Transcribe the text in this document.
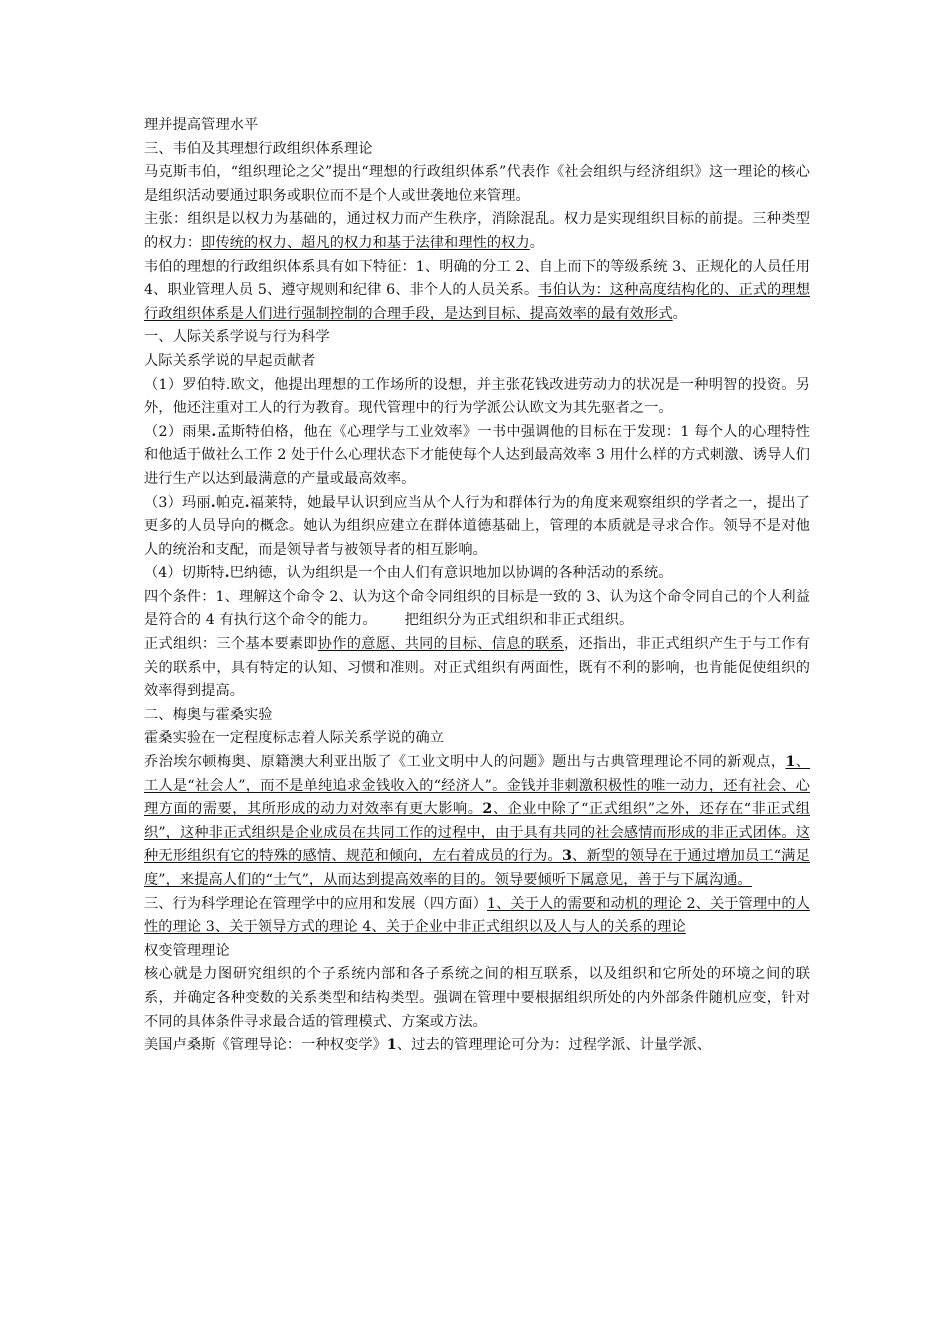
理并提高管理水平

三、韦伯及其理想行政组织体系理论

马克斯韦伯，“组织理论之父”提出“理想的行政组织体系”代表作《社会组织与经济组织》这一理论的核心是组织活动要通过职务或职位而不是个人或世袭地位来管理。

主张：组织是以权力为基础的，通过权力而产生秩序，消除混乱。权力是实现组织目标的前提。三种类型的权力：即传统的权力、超凡的权力和基于法律和理性的权力。

韦伯的理想的行政组织体系具有如下特征：1、明确的分工 2、自上而下的等级系统 3、正规化的人员任用 4、职业管理人员 5、遵守规则和纪律 6、非个人的人员关系。韦伯认为：这种高度结构化的、正式的理想行政组织体系是人们进行强制控制的合理手段，是达到目标、提高效率的最有效形式。

一、人际关系学说与行为科学

人际关系学说的早起贡献者

（1）罗伯特.欧文，他提出理想的工作场所的设想，并主张花钱改进劳动力的状况是一种明智的投资。另外，他还注重对工人的行为教育。现代管理中的行为学派公认欧文为其先驱者之一。

（2）雨果.孟斯特伯格，他在《心理学与工业效率》一书中强调他的目标在于发现：1 每个人的心理特性和他适于做社么工作 2 处于什么心理状态下才能使每个人达到最高效率 3 用什么样的方式刺激、诱导人们进行生产以达到最满意的产量或最高效率。

（3）玛丽.帕克.福莱特，她最早认识到应当从个人行为和群体行为的角度来观察组织的学者之一，提出了更多的人员导向的概念。她认为组织应建立在群体道德基础上，管理的本质就是寻求合作。领导不是对他人的统治和支配，而是领导者与被领导者的相互影响。

（4）切斯特.巴纳德，认为组织是一个由人们有意识地加以协调的各种活动的系统。

四个条件：1、理解这个命令 2、认为这个命令同组织的目标是一致的 3、认为这个命令同自己的个人利益是符合的 4 有执行这个命令的能力。 把组织分为正式组织和非正式组织。

正式组织：三个基本要素即协作的意愿、共同的目标、信息的联系，还指出，非正式组织产生于与工作有关的联系中，具有特定的认知、习惯和准则。对正式组织有两面性，既有不利的影响，也肯能促使组织的效率得到提高。

二、梅奥与霍桑实验

霍桑实验在一定程度标志着人际关系学说的确立

乔治埃尔顿梅奥、原籍澳大利亚出版了《工业文明中人的问题》题出与古典管理理论不同的新观点，1、工人是“社会人”，而不是单纯追求金钱收入的“经济人”。金钱并非刺激积极性的唯一动力，还有社会、心理方面的需要，其所形成的动力对效率有更大影响。2、企业中除了“正式组织”之外，还存在“非正式组织”，这种非正式组织是企业成员在共同工作的过程中，由于具有共同的社会感情而形成的非正式团体。这种无形组织有它的特殊的感情、规范和倾向，左右着成员的行为。3、新型的领导在于通过增加员工“满足度”，来提高人们的“士气”，从而达到提高效率的目的。领导要倾听下属意见，善于与下属沟通。

三、行为科学理论在管理学中的应用和发展（四方面）1、关于人的需要和动机的理论 2、关于管理中的人性的理论 3、关于领导方式的理论 4、关于企业中非正式组织以及人与人的关系的理论

权变管理理论

核心就是力图研究组织的个子系统内部和各子系统之间的相互联系，以及组织和它所处的环境之间的联系，并确定各种变数的关系类型和结构类型。强调在管理中要根据组织所处的内外部条件随机应变，针对不同的具体条件寻求最合适的管理模式、方案或方法。

美国卢桑斯《管理导论：一种权变学》1、过去的管理理论可分为：过程学派、计量学派、
